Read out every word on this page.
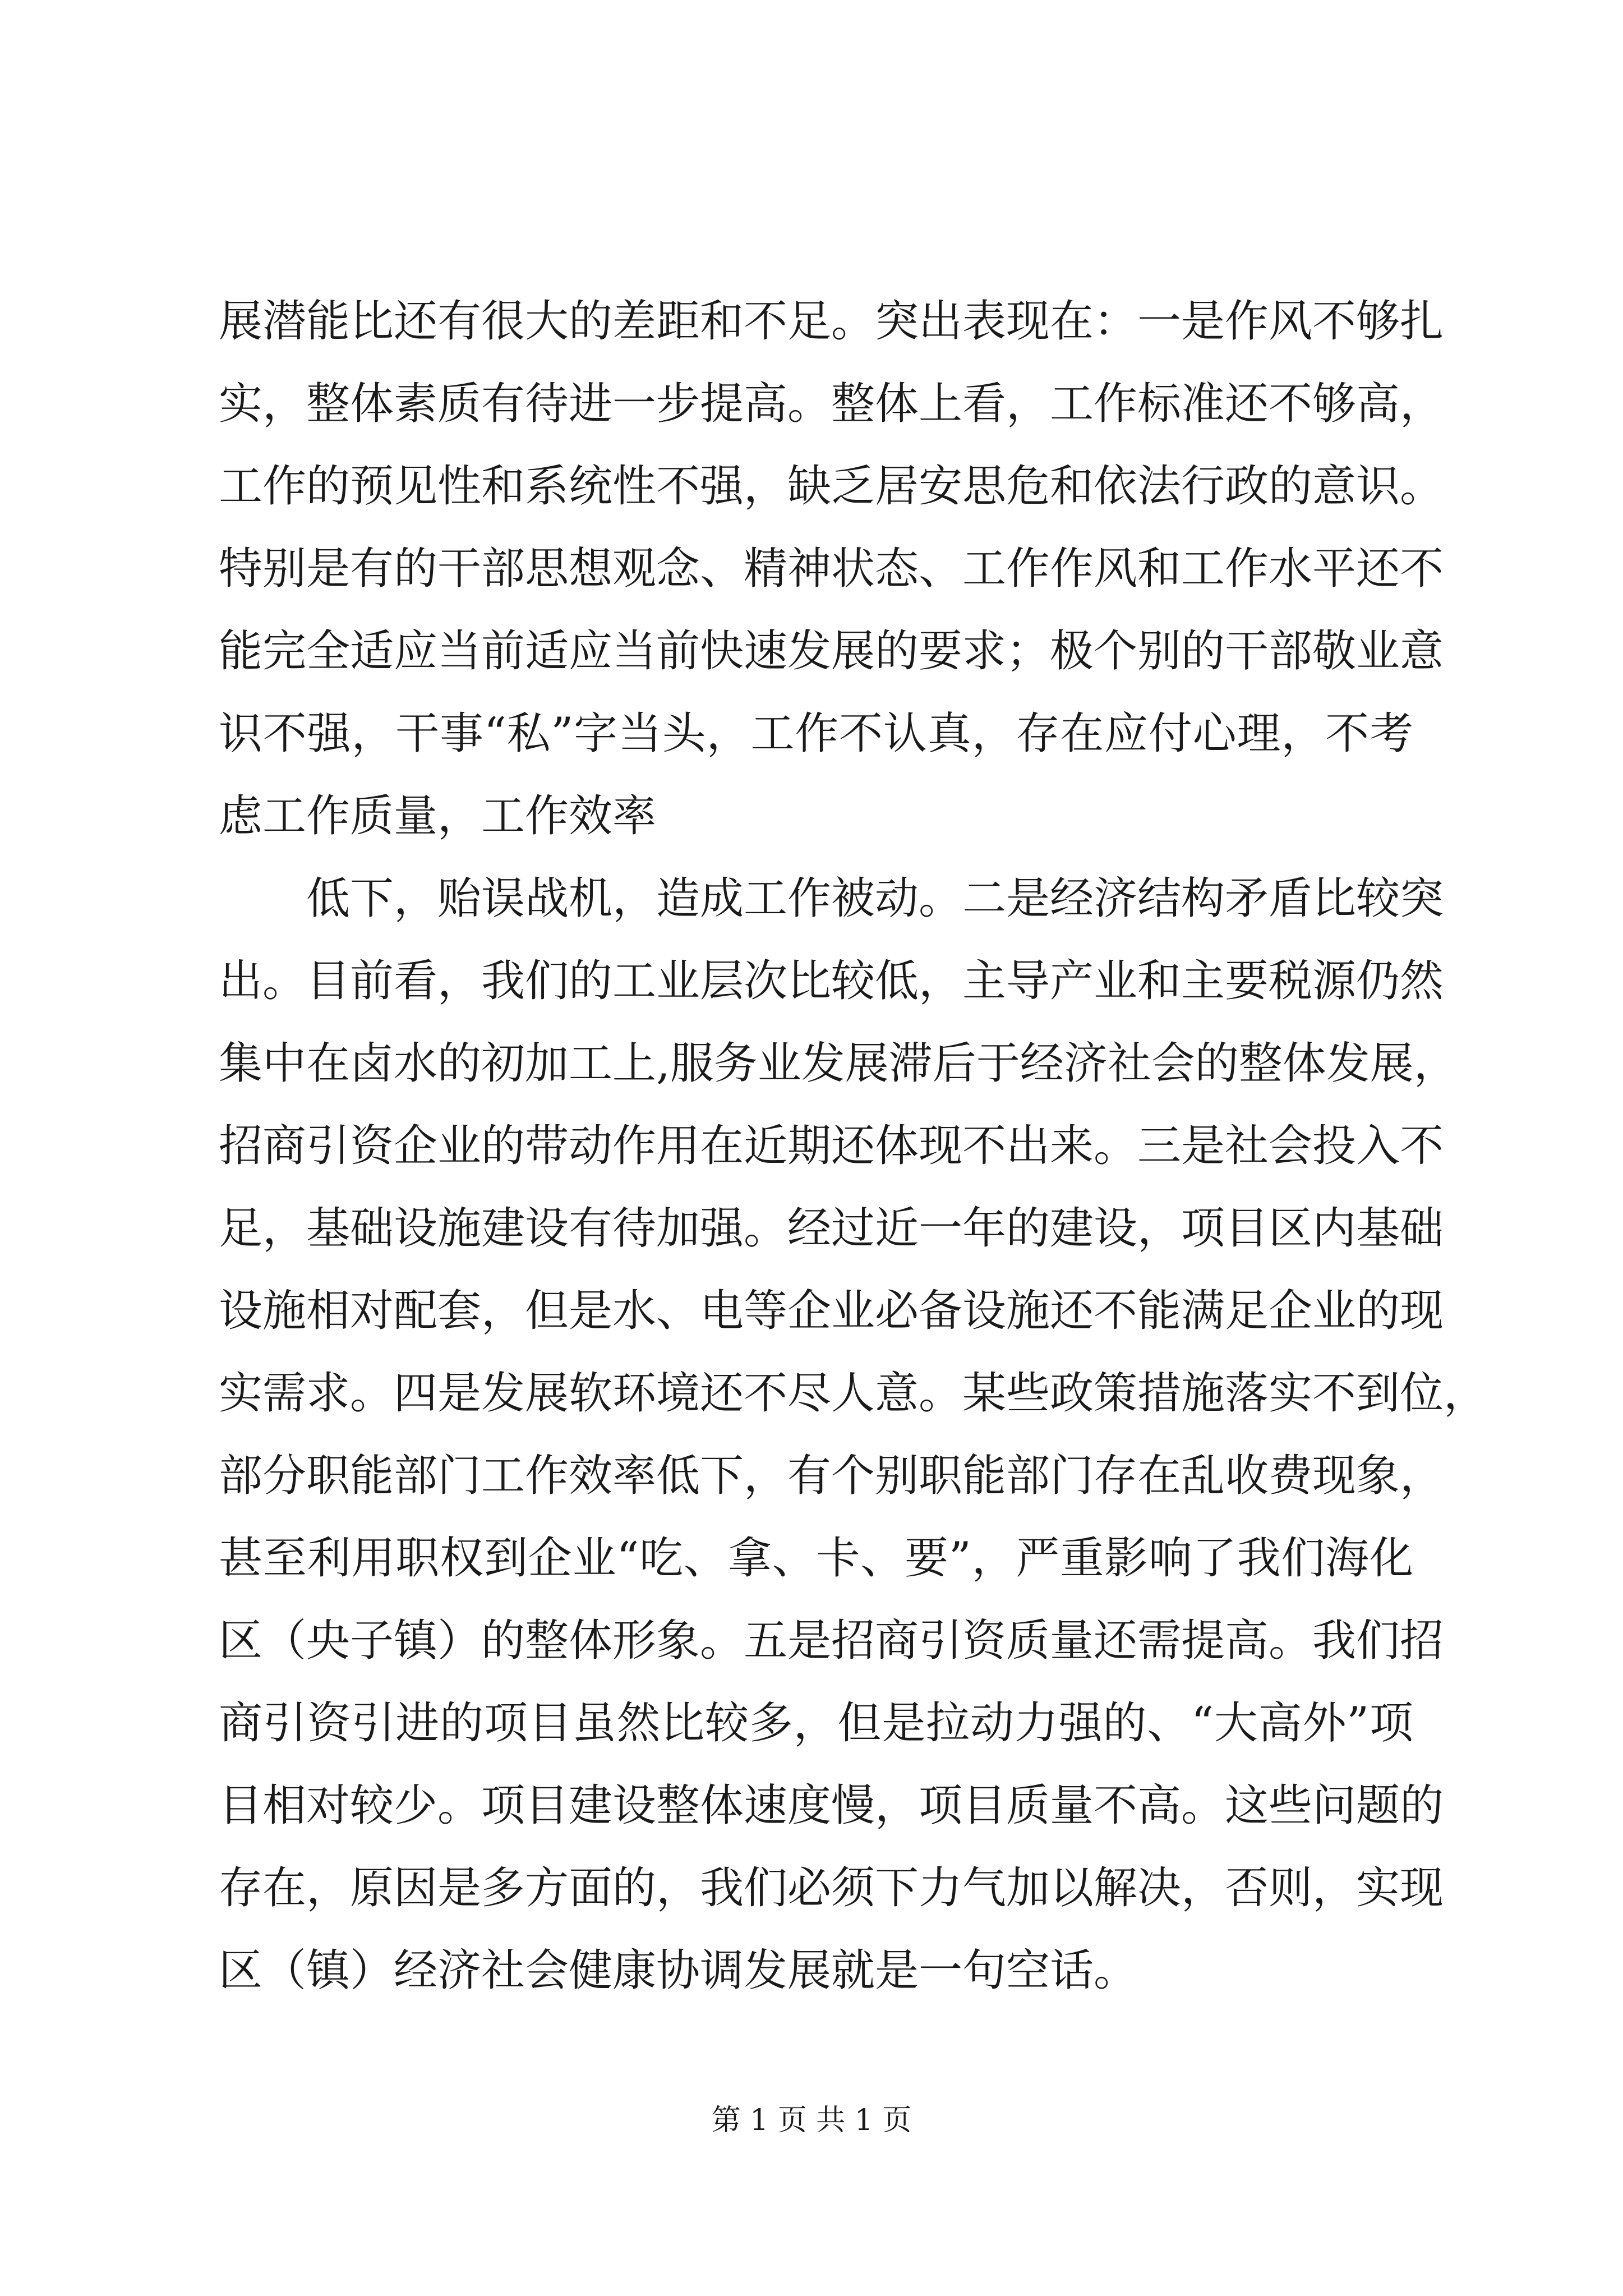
展潜能比还有很大的差距和不足。突出表现在：一是作风不够扎
实，整体素质有待进一步提高。整体上看，工作标准还不够高，
工作的预见性和系统性不强，缺乏居安思危和依法行政的意识。
特别是有的干部思想观念、精神状态、工作作风和工作水平还不
能完全适应当前适应当前快速发展的要求；极个别的干部敬业意
识不强，干事“私”字当头，工作不认真，存在应付心理，不考
虑工作质量，工作效率
低下，贻误战机，造成工作被动。二是经济结构矛盾比较突
出。目前看，我们的工业层次比较低，主导产业和主要税源仍然
集中在卤水的初加工上,服务业发展滞后于经济社会的整体发展，
招商引资企业的带动作用在近期还体现不出来。三是社会投入不
足，基础设施建设有待加强。经过近一年的建设，项目区内基础
设施相对配套，但是水、电等企业必备设施还不能满足企业的现
实需求。四是发展软环境还不尽人意。某些政策措施落实不到位，
部分职能部门工作效率低下，有个别职能部门存在乱收费现象，
甚至利用职权到企业“吃、拿、卡、要”，严重影响了我们海化
区（央子镇）的整体形象。五是招商引资质量还需提高。我们招
商引资引进的项目虽然比较多，但是拉动力强的、“大高外”项
目相对较少。项目建设整体速度慢，项目质量不高。这些问题的
存在，原因是多方面的，我们必须下力气加以解决，否则，实现
区（镇）经济社会健康协调发展就是一句空话。
第 1 页 共 1 页
